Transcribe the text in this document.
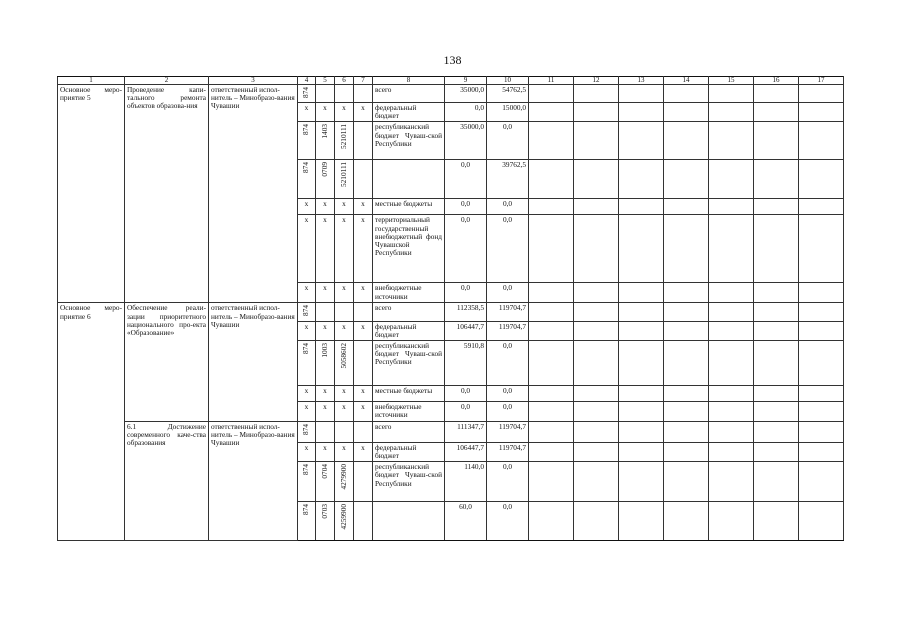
138
1	2	3	4	5	6	7	8	9	10	11	12	13	14	15	16	17
Основное меро-приятие 5	Проведение капи-тального ремонта объектов образова-ния	ответственный испол-нитель – Минобразо-вания Чувашии	874				всего	35000,0	54762,5							
			x	x	x	x	федеральный бюджет	0,0	15000,0							
			874	1403	5210111		республиканский бюджет Чуваш-ской Республики	35000,0	0,0							
			874	0709	5210111			0,0	39762,5							
			x	x	x	x	местные бюджеты	0,0	0,0							
			x	x	x	x	территориальный государственный внебюджетный фонд Чувашской Республики	0,0	0,0							
			x	x	x	x	внебюджетные источники	0,0	0,0							
Основное меро-приятие 6	Обеспечение реали-зации приоритетного национального про-екта «Образование»	ответственный испол-нитель – Минобразо-вания Чувашии	874				всего	112358,5	119704,7							
			x	x	x	x	федеральный бюджет	106447,7	119704,7							
			874	1003	5058602		республиканский бюджет Чуваш-ской Республики	5910,8	0,0							
			x	x	x	x	местные бюджеты	0,0	0,0							
			x	x	x	x	внебюджетные источники	0,0	0,0							
	6.1 Достижение современного каче-ства образования	ответственный испол-нитель – Минобразо-вания Чувашии	874				всего	111347,7	119704,7							
			x	x	x	x	федеральный бюджет	106447,7	119704,7							
			874	0704	4279900		республиканский бюджет Чуваш-ской Республики	1140,0	0,0							
			874	0703	4259900			60,0	0,0							
